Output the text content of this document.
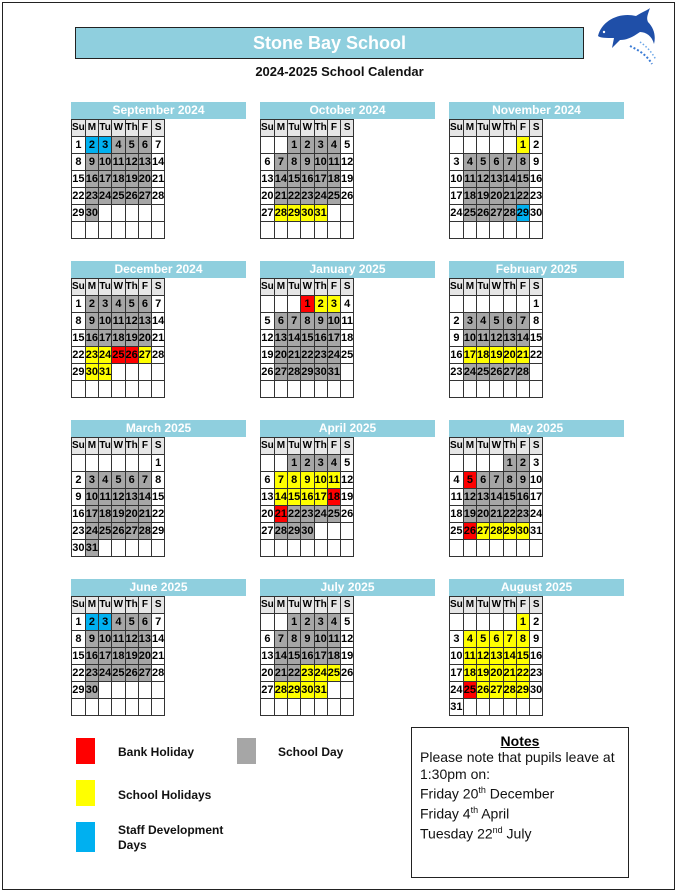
Stone Bay School
2024-2025 School Calendar
September 2024
Su	M	Tu	W	Th	F	S
1	2	3	4	5	6	7
8	9	10	11	12	13	14
15	16	17	18	19	20	21
22	23	24	25	26	27	28
29	30					

October 2024
Su	M	Tu	W	Th	F	S
		1	2	3	4	5
6	7	8	9	10	11	12
13	14	15	16	17	18	19
20	21	22	23	24	25	26
27	28	29	30	31		

November 2024
Su	M	Tu	W	Th	F	S
					1	2
3	4	5	6	7	8	9
10	11	12	13	14	15	16
17	18	19	20	21	22	23
24	25	26	27	28	29	30

December 2024
Su	M	Tu	W	Th	F	S
1	2	3	4	5	6	7
8	9	10	11	12	13	14
15	16	17	18	19	20	21
22	23	24	25	26	27	28
29	30	31				

January 2025
Su	M	Tu	W	Th	F	S
			1	2	3	4
5	6	7	8	9	10	11
12	13	14	15	16	17	18
19	20	21	22	23	24	25
26	27	28	29	30	31	

February 2025
Su	M	Tu	W	Th	F	S
						1
2	3	4	5	6	7	8
9	10	11	12	13	14	15
16	17	18	19	20	21	22
23	24	25	26	27	28	

March 2025
Su	M	Tu	W	Th	F	S
						1
2	3	4	5	6	7	8
9	10	11	12	13	14	15
16	17	18	19	20	21	22
23	24	25	26	27	28	29
30	31					
April 2025
Su	M	Tu	W	Th	F	S
		1	2	3	4	5
6	7	8	9	10	11	12
13	14	15	16	17	18	19
20	21	22	23	24	25	26
27	28	29	30			

May 2025
Su	M	Tu	W	Th	F	S
				1	2	3
4	5	6	7	8	9	10
11	12	13	14	15	16	17
18	19	20	21	22	23	24
25	26	27	28	29	30	31

June 2025
Su	M	Tu	W	Th	F	S
1	2	3	4	5	6	7
8	9	10	11	12	13	14
15	16	17	18	19	20	21
22	23	24	25	26	27	28
29	30					

July 2025
Su	M	Tu	W	Th	F	S
		1	2	3	4	5
6	7	8	9	10	11	12
13	14	15	16	17	18	19
20	21	22	23	24	25	26
27	28	29	30	31		

August 2025
Su	M	Tu	W	Th	F	S
					1	2
3	4	5	6	7	8	9
10	11	12	13	14	15	16
17	18	19	20	21	22	23
24	25	26	27	28	29	30
31						
Bank Holiday	School Day
School Holidays
Staff Development Days
Notes

Please note that pupils leave at 1:30pm on:

Friday 20th December

Friday 4th April

Tuesday 22nd July
